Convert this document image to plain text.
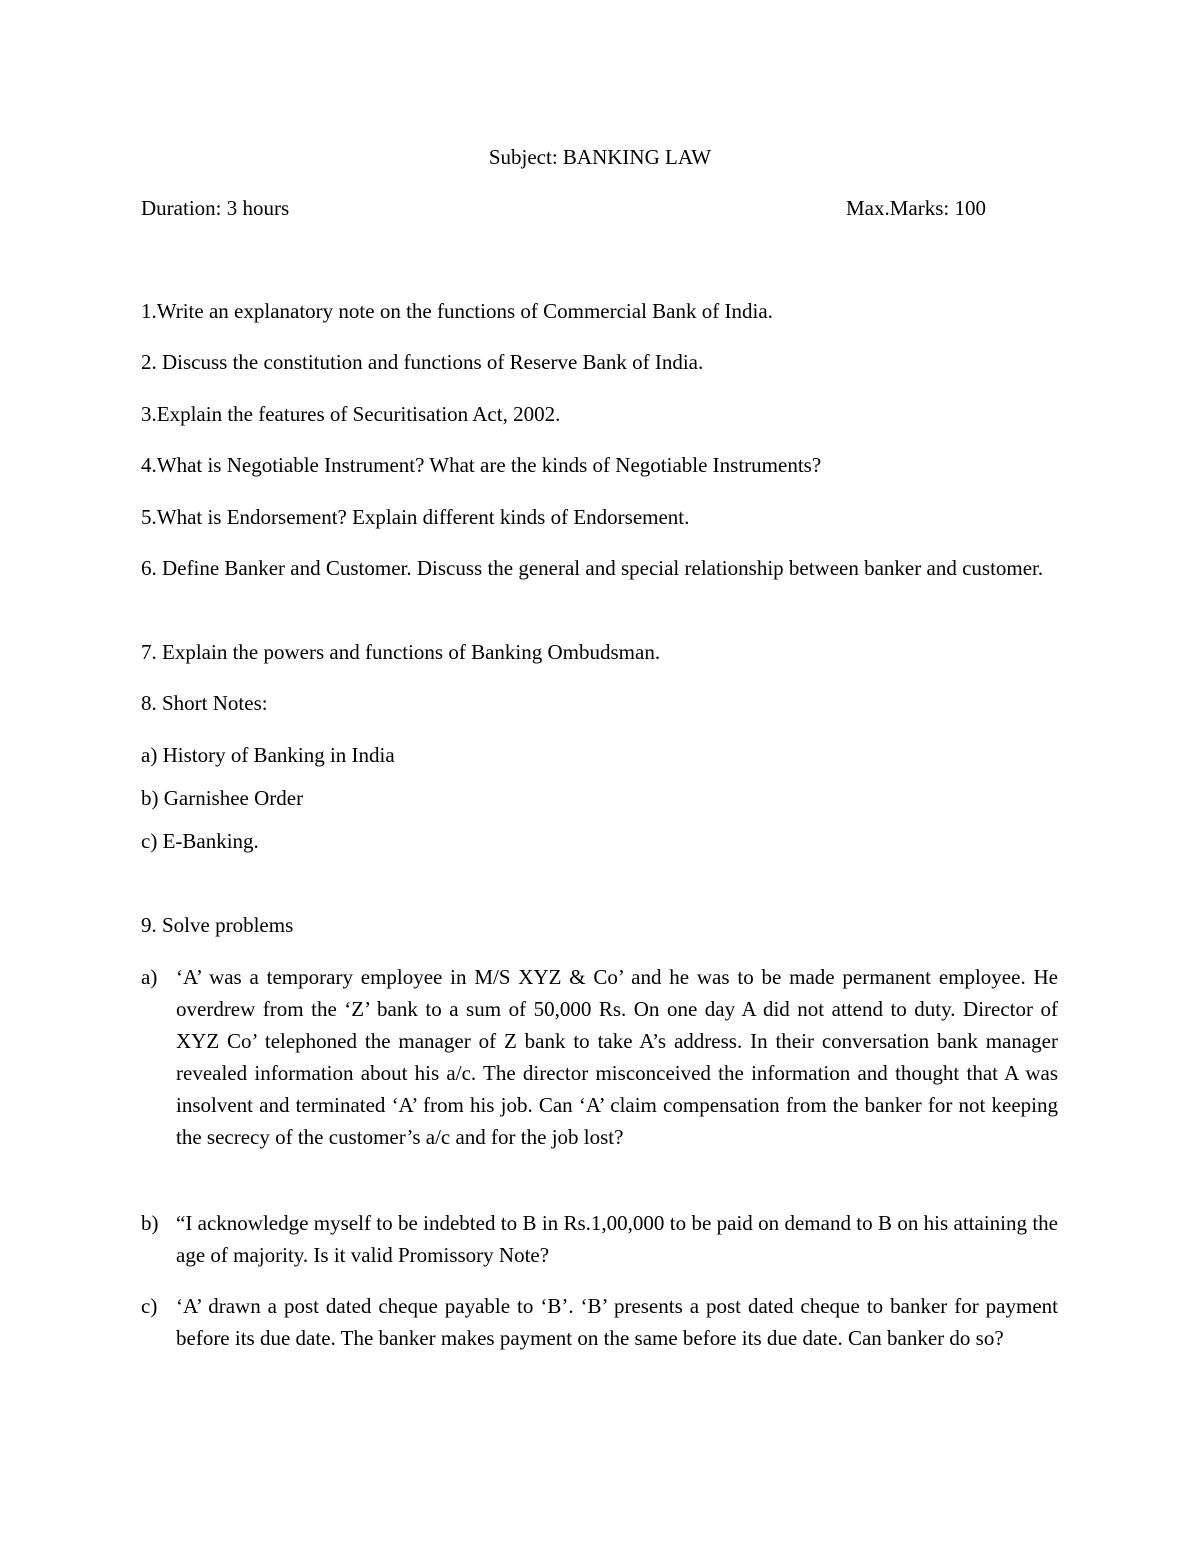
Subject: BANKING LAW
Duration: 3 hours	Max.Marks: 100
1.Write an explanatory note on the functions of Commercial Bank of India.
2. Discuss the constitution and functions of Reserve Bank of India.
3.Explain the features of Securitisation Act, 2002.
4.What is Negotiable Instrument? What are the kinds of Negotiable Instruments?
5.What is Endorsement? Explain different kinds of Endorsement.
6. Define Banker and Customer. Discuss the general and special relationship between banker and customer.
7. Explain the powers and functions of Banking Ombudsman.
8. Short Notes:
a) History of Banking in India
b) Garnishee Order
c) E-Banking.
9. Solve problems
a) ‘A’ was a temporary employee in M/S XYZ & Co’ and he was to be made permanent employee. He overdrew from the ‘Z’ bank to a sum of 50,000 Rs. On one day A did not attend to duty. Director of XYZ Co’ telephoned the manager of Z bank to take A’s address. In their conversation bank manager revealed information about his a/c. The director misconceived the information and thought that A was insolvent and terminated ‘A’ from his job. Can ‘A’ claim compensation from the banker for not keeping the secrecy of the customer’s a/c and for the job lost?
b) “I acknowledge myself to be indebted to B in Rs.1,00,000 to be paid on demand to B on his attaining the age of majority. Is it valid Promissory Note?
c) ‘A’ drawn a post dated cheque payable to ‘B’. ‘B’ presents a post dated cheque to banker for payment before its due date. The banker makes payment on the same before its due date. Can banker do so?
